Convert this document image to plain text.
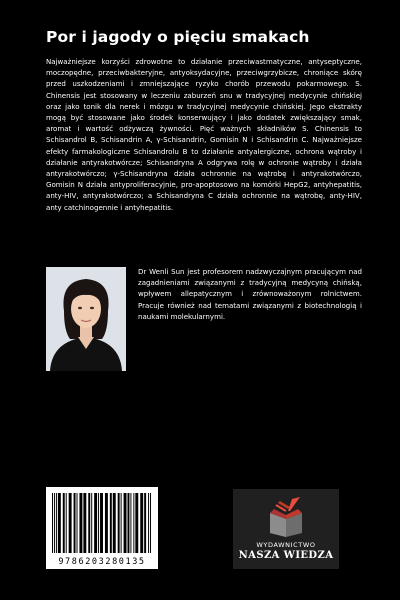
Por i jagody o pięciu smakach

Najważniejsze korzyści zdrowotne to działanie przeciwastmatyczne, antyseptyczne, moczopędne, przeciwbakteryjne, antyoksydacyjne, przeciwgrzybicze, chroniące skórę przed uszkodzeniami i zmniejszające ryzyko chorób przewodu pokarmowego. S. Chinensis jest stosowany w leczeniu zaburzeń snu w tradycyjnej medycynie chińskiej oraz jako tonik dla nerek i mózgu w tradycyjnej medycynie chińskiej. Jego ekstrakty mogą być stosowane jako środek konserwujący i jako dodatek zwiększający smak, aromat i wartość odżywczą żywności. Pięć ważnych składników S. Chinensis to Schisandrol B, Schisandrin A, γ-Schisandrin, Gomisin N i Schisandrin C. Najważniejsze efekty farmakologiczne Schisandrolu B to działanie antyalergiczne, ochrona wątroby i działanie antyrakotwórcze; Schisandryna A odgrywa rolę w ochronie wątroby i działa antyrakotwórczo; γ-Schisandryna działa ochronnie na wątrobę i antyrakotwórczo, Gomisin N działa antyproliferacyjnie, pro-apoptosowo na komórki HepG2, antyhepatitis, anty-HIV, antyrakotwórczo; a Schisandryna C działa ochronnie na wątrobę, anty-HIV, anty catchinogennie i antyhepatitis.

Dr Wenli Sun jest profesorem nadzwyczajnym pracującym nad zagadnieniami związanymi z tradycyjną medycyną chińską, wpływem allepatycznym i zrównoważonym rolnictwem. Pracuje również nad tematami związanymi z biotechnologią i naukami molekularnymi.

9786203280135
WYDAWNICTWO
NASZA WIEDZA
